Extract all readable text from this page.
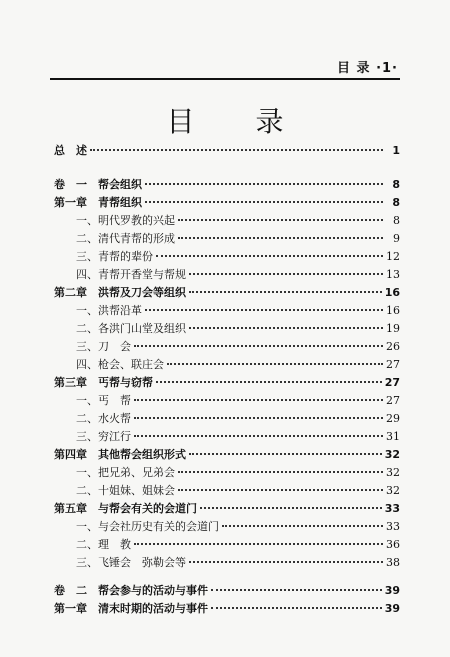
目 录 ·1·
目 录
总　述	1
卷　一　帮会组织	8
第一章　青帮组织	8
一、明代罗教的兴起	8
二、清代青帮的形成	9
三、青帮的辈份	12
四、青帮开香堂与帮规	13
第二章　洪帮及刀会等组织	16
一、洪帮沿革	16
二、各洪门山堂及组织	19
三、刀　会	26
四、枪会、联庄会	27
第三章　丐帮与窃帮	27
一、丐　帮	27
二、水火帮	29
三、穷江行	31
第四章　其他帮会组织形式	32
一、把兄弟、兄弟会	32
二、十姐妹、姐妹会	32
第五章　与帮会有关的会道门	33
一、与会社历史有关的会道门	33
二、理　教	36
三、飞锤会　弥勒会等	38
卷　二　帮会参与的活动与事件	39
第一章　清末时期的活动与事件	39
